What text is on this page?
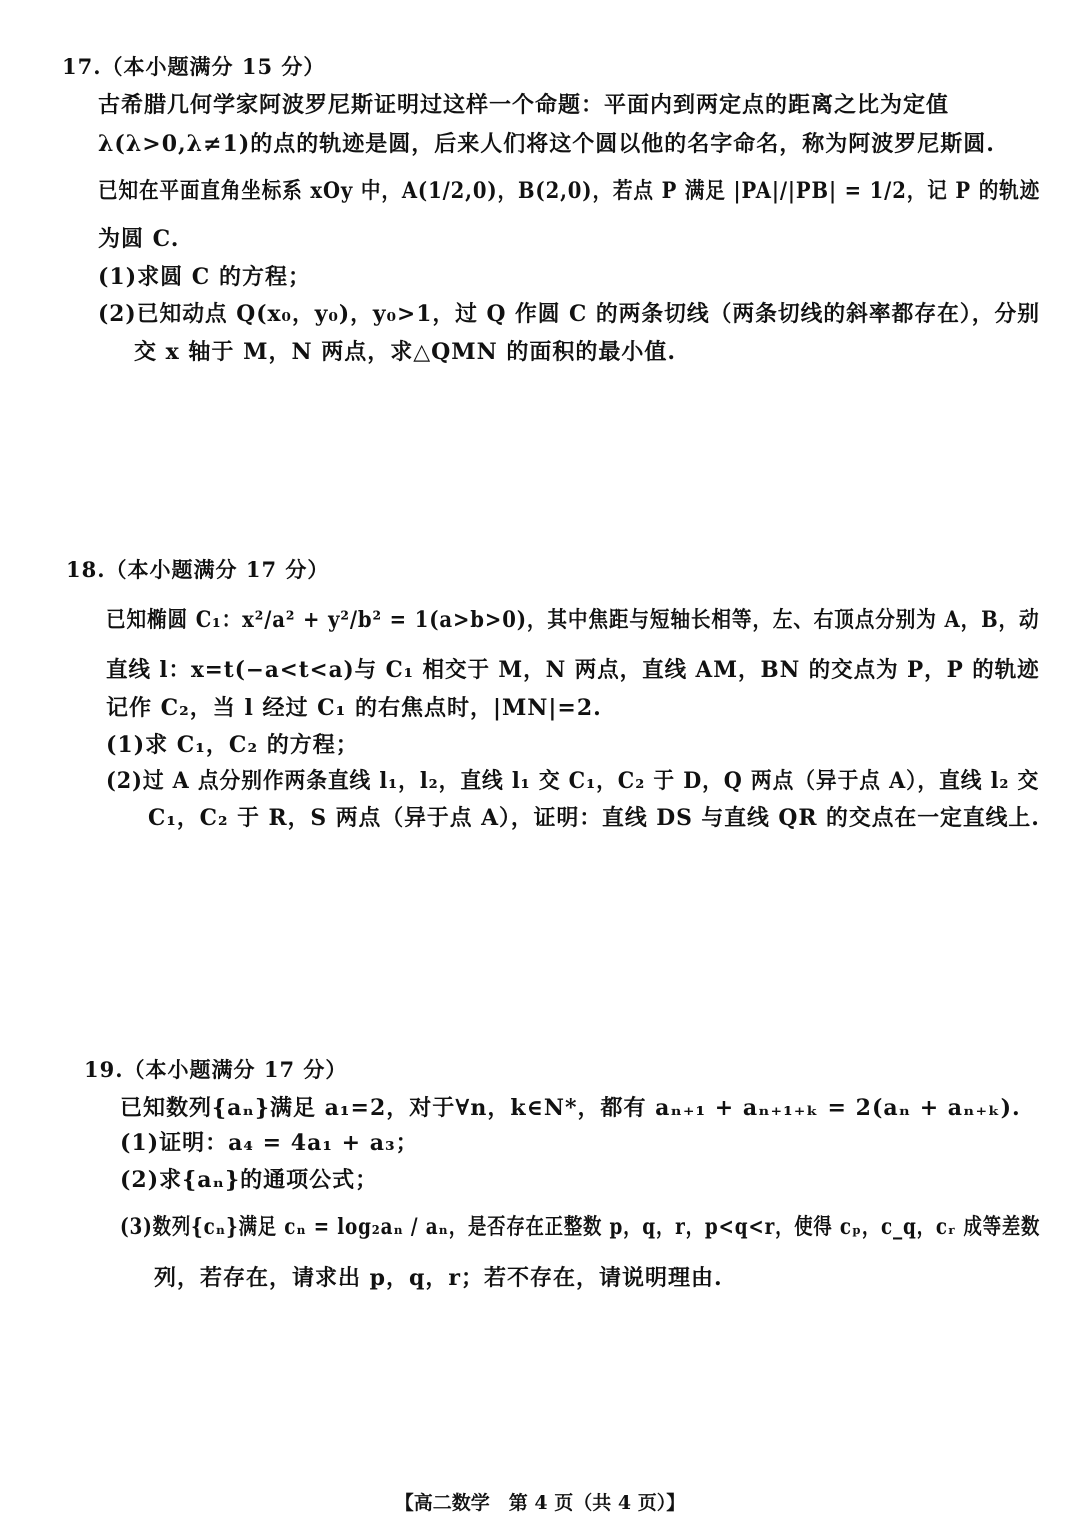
17.（本小题满分 15 分）
古希腊几何学家阿波罗尼斯证明过这样一个命题：平面内到两定点的距离之比为定值
λ(λ>0,λ≠1)的点的轨迹是圆，后来人们将这个圆以他的名字命名，称为阿波罗尼斯圆.
已知在平面直角坐标系 xOy 中，A(1/2,0)，B(2,0)，若点 P 满足 |PA|/|PB| = 1/2，记 P 的轨迹
为圆 C.
(1)求圆 C 的方程；
(2)已知动点 Q(x₀，y₀)，y₀>1，过 Q 作圆 C 的两条切线（两条切线的斜率都存在），分别
交 x 轴于 M，N 两点，求△QMN 的面积的最小值.
18.（本小题满分 17 分）
已知椭圆 C₁：x²/a² + y²/b² = 1(a>b>0)，其中焦距与短轴长相等，左、右顶点分别为 A，B，动
直线 l：x=t(−a<t<a)与 C₁ 相交于 M，N 两点，直线 AM，BN 的交点为 P，P 的轨迹
记作 C₂，当 l 经过 C₁ 的右焦点时，|MN|=2.
(1)求 C₁，C₂ 的方程；
(2)过 A 点分别作两条直线 l₁，l₂，直线 l₁ 交 C₁，C₂ 于 D，Q 两点（异于点 A），直线 l₂ 交
C₁，C₂ 于 R，S 两点（异于点 A），证明：直线 DS 与直线 QR 的交点在一定直线上.
19.（本小题满分 17 分）
已知数列{aₙ}满足 a₁=2，对于∀n，k∈N*，都有 aₙ₊₁ + aₙ₊₁₊ₖ = 2(aₙ + aₙ₊ₖ).
(1)证明：a₄ = 4a₁ + a₃；
(2)求{aₙ}的通项公式；
(3)数列{cₙ}满足 cₙ = log₂aₙ / aₙ，是否存在正整数 p，q，r，p<q<r，使得 cₚ，c_q，cᵣ 成等差数
列，若存在，请求出 p，q，r；若不存在，请说明理由.
【高二数学　第 4 页（共 4 页）】
